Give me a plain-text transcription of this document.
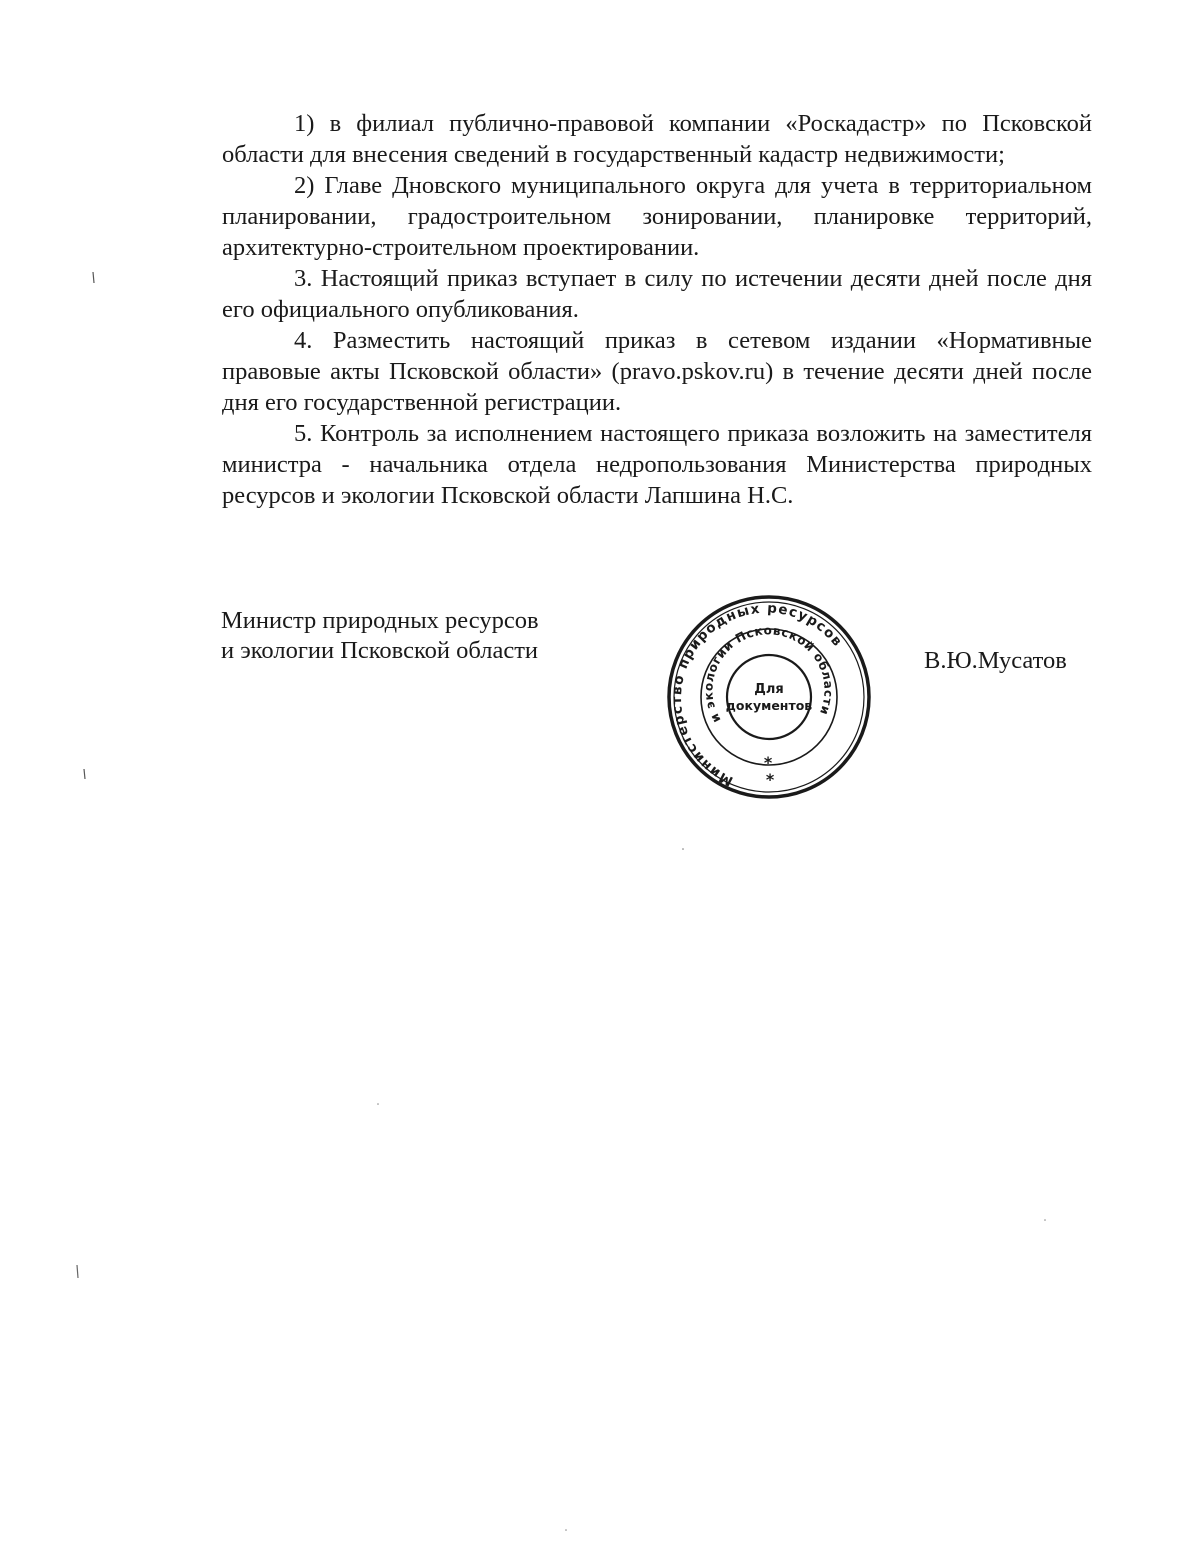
1) в филиал публично-правовой компании «Роскадастр» по Псковской области для внесения сведений в государственный кадастр недвижимости;

2) Главе Дновского муниципального округа для учета в территориальном планировании, градостроительном зонировании, планировке территорий, архитектурно-строительном проектировании.

3. Настоящий приказ вступает в силу по истечении десяти дней после дня его официального опубликования.

4. Разместить настоящий приказ в сетевом издании «Нормативные правовые акты Псковской области» (pravo.pskov.ru) в течение десяти дней после дня его государственной регистрации.

5. Контроль за исполнением настоящего приказа возложить на заместителя министра - начальника отдела недропользования Министерства природных ресурсов и экологии Псковской области Лапшина Н.С.

Министр природных ресурсов
и экологии Псковской области
Министерство природных ресурсов
и экологии Псковской области
Для
документов
*
*
В.Ю.Мусатов
